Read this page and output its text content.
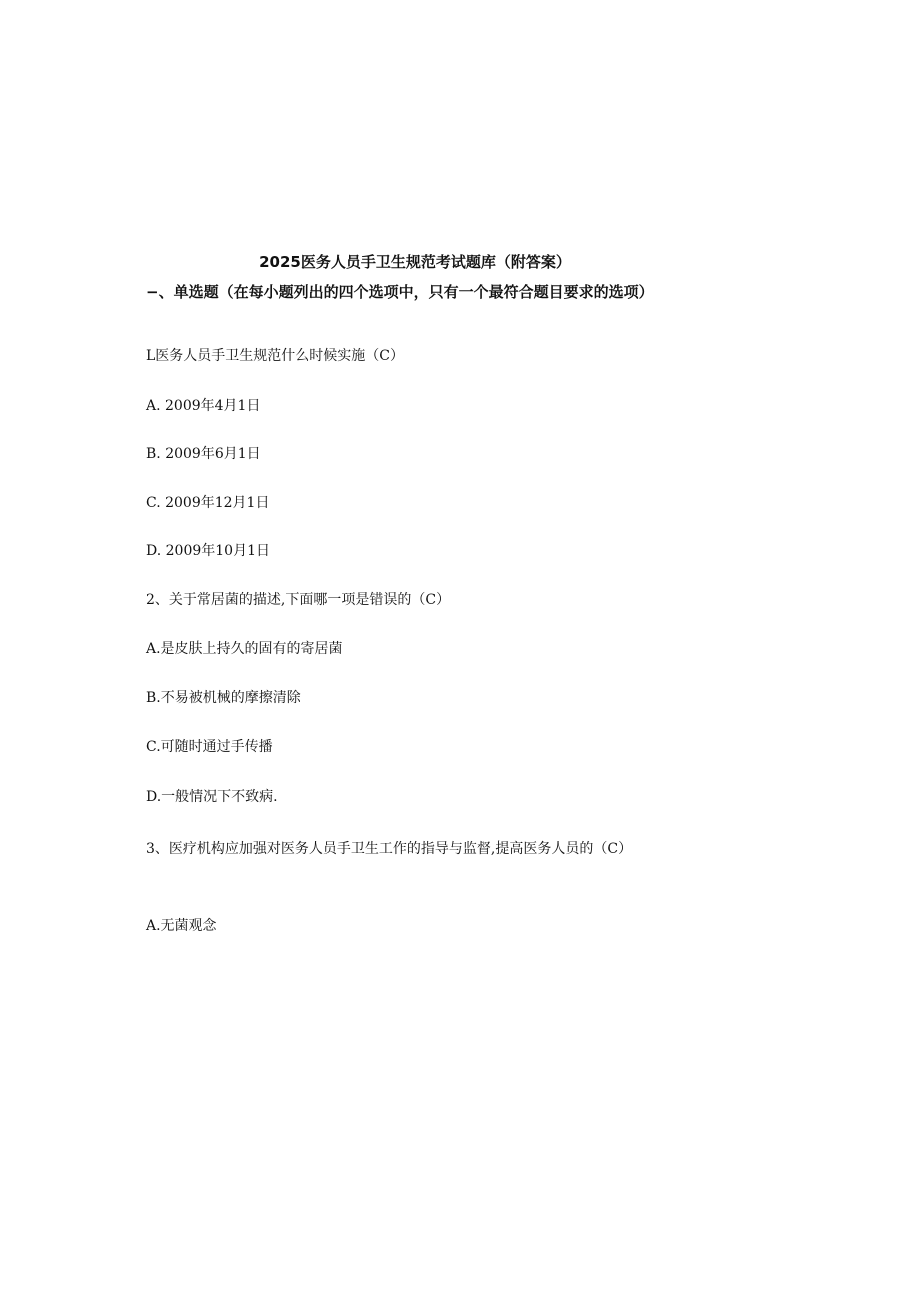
2025医务人员手卫生规范考试题库（附答案）
−、单选题（在每小题列出的四个选项中，只有一个最符合题目要求的选项）

L医务人员手卫生规范什么时候实施（C）

A. 2009年4月1日

B. 2009年6月1日

C. 2009年12月1日

D. 2009年10月1日

2、关于常居菌的描述,下面哪一项是错误的（C）

A.是皮肤上持久的固有的寄居菌

B.不易被机械的摩擦清除

C.可随时通过手传播

D.一般情况下不致病.

3、医疗机构应加强对医务人员手卫生工作的指导与监督,提高医务人员的（C）

A.无菌观念
